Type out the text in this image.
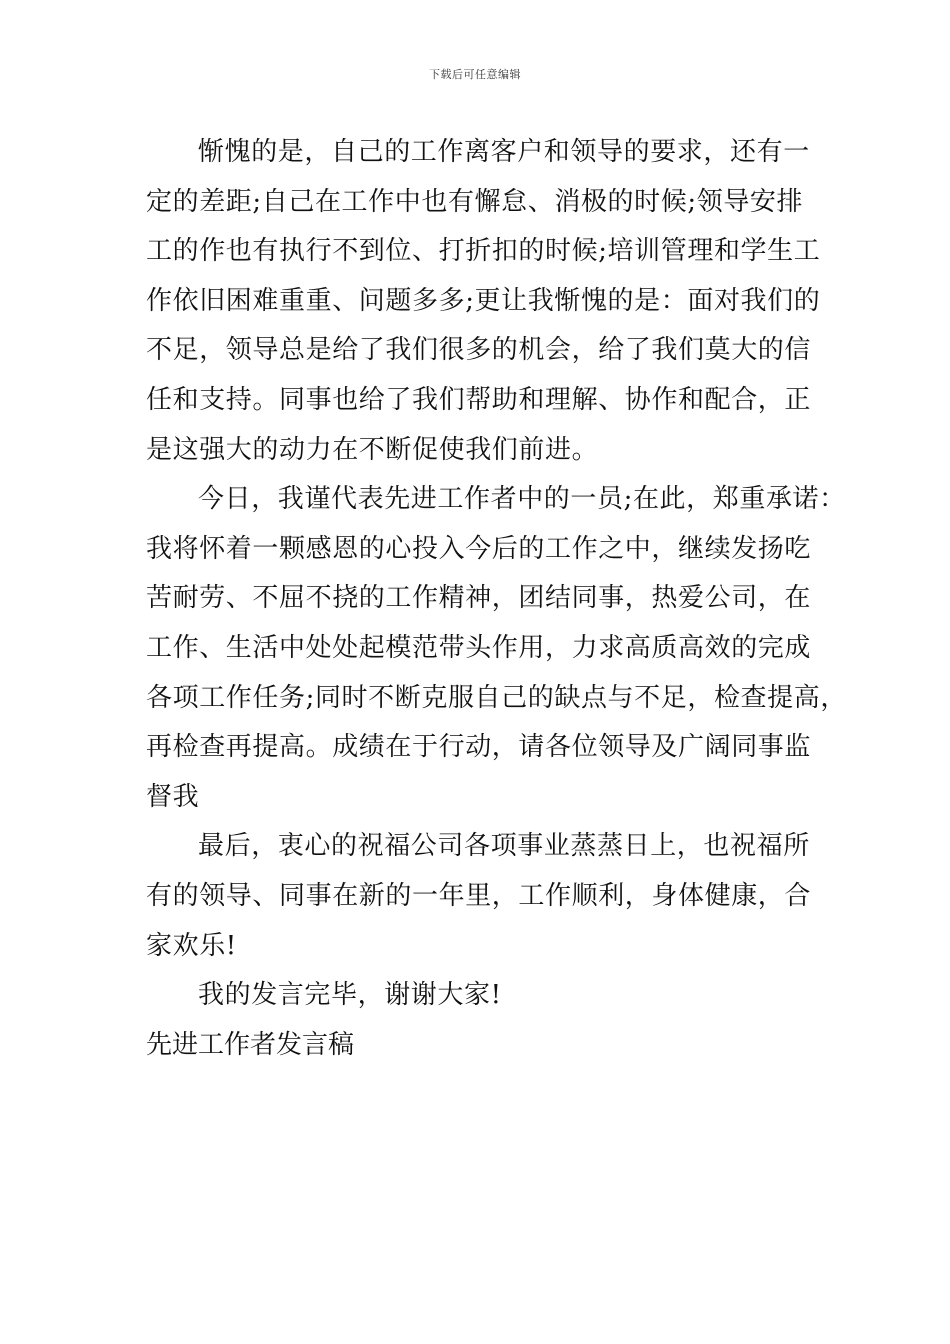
下载后可任意编辑
惭愧的是，自己的工作离客户和领导的要求，还有一
定的差距;自己在工作中也有懈怠、消极的时候;领导安排
工的作也有执行不到位、打折扣的时候;培训管理和学生工
作依旧困难重重、问题多多;更让我惭愧的是：面对我们的
不足，领导总是给了我们很多的机会，给了我们莫大的信
任和支持。同事也给了我们帮助和理解、协作和配合，正
是这强大的动力在不断促使我们前进。
今日，我谨代表先进工作者中的一员;在此，郑重承诺：
我将怀着一颗感恩的心投入今后的工作之中，继续发扬吃
苦耐劳、不屈不挠的工作精神，团结同事，热爱公司，在
工作、生活中处处起模范带头作用，力求高质高效的完成
各项工作任务;同时不断克服自己的缺点与不足，检查提高，
再检查再提高。成绩在于行动，请各位领导及广阔同事监
督我
最后，衷心的祝福公司各项事业蒸蒸日上，也祝福所
有的领导、同事在新的一年里，工作顺利，身体健康，合
家欢乐!
我的发言完毕，谢谢大家!
先进工作者发言稿
